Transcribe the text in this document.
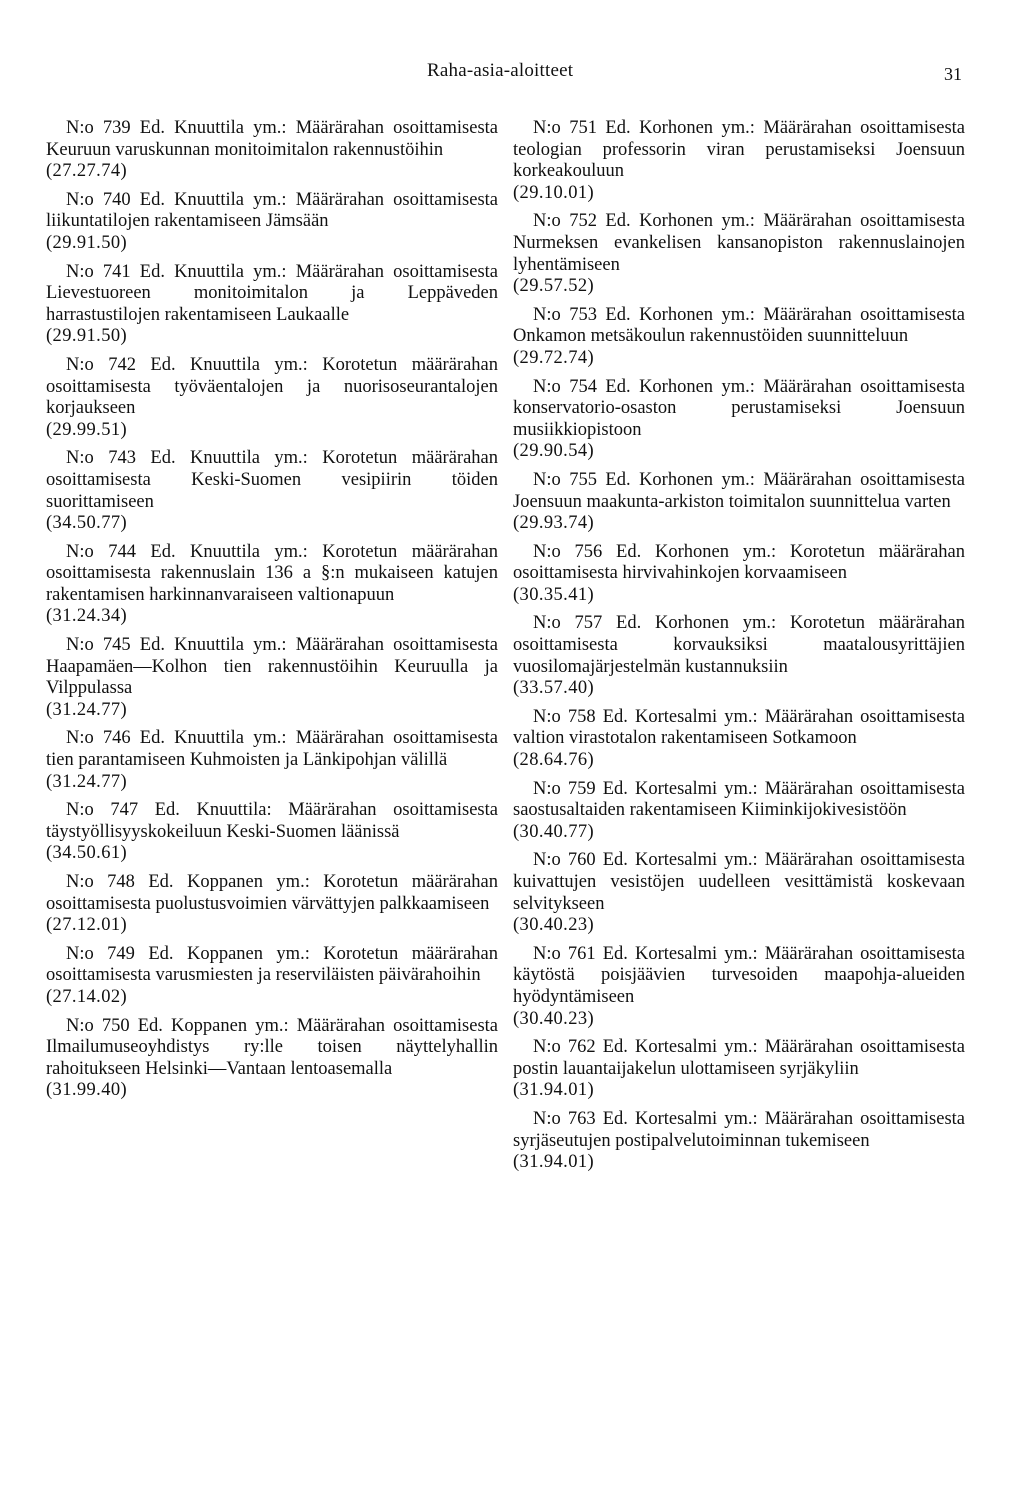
Raha-asia-aloitteet	31
N:o 739 Ed. Knuuttila ym.: Määrärahan osoittamisesta Keuruun varuskunnan monitoimitalon rakennustöihin
(27.27.74)
N:o 740 Ed. Knuuttila ym.: Määrärahan osoittamisesta liikuntatilojen rakentamiseen Jämsään
(29.91.50)
N:o 741 Ed. Knuuttila ym.: Määrärahan osoittamisesta Lievestuoreen monitoimitalon ja Leppäveden harrastustilojen rakentamiseen Laukaalle
(29.91.50)
N:o 742 Ed. Knuuttila ym.: Korotetun määrärahan osoittamisesta työväentalojen ja nuorisoseurantalojen korjaukseen
(29.99.51)
N:o 743 Ed. Knuuttila ym.: Korotetun määrärahan osoittamisesta Keski-Suomen vesipiirin töiden suorittamiseen
(34.50.77)
N:o 744 Ed. Knuuttila ym.: Korotetun määrärahan osoittamisesta rakennuslain 136 a §:n mukaiseen katujen rakentamisen harkinnanvaraiseen valtionapuun
(31.24.34)
N:o 745 Ed. Knuuttila ym.: Määrärahan osoittamisesta Haapamäen—Kolhon tien rakennustöihin Keuruulla ja Vilppulassa
(31.24.77)
N:o 746 Ed. Knuuttila ym.: Määrärahan osoittamisesta tien parantamiseen Kuhmoisten ja Länkipohjan välillä
(31.24.77)
N:o 747 Ed. Knuuttila: Määrärahan osoittamisesta täystyöllisyyskokeiluun Keski-Suomen läänissä
(34.50.61)
N:o 748 Ed. Koppanen ym.: Korotetun määrärahan osoittamisesta puolustusvoimien värvättyjen palkkaamiseen
(27.12.01)
N:o 749 Ed. Koppanen ym.: Korotetun määrärahan osoittamisesta varusmiesten ja reserviläisten päivärahoihin
(27.14.02)
N:o 750 Ed. Koppanen ym.: Määrärahan osoittamisesta Ilmailumuseoyhdistys ry:lle toisen näyttelyhallin rahoitukseen Helsinki—Vantaan lentoasemalla
(31.99.40)
N:o 751 Ed. Korhonen ym.: Määrärahan osoittamisesta teologian professorin viran perustamiseksi Joensuun korkeakouluun
(29.10.01)
N:o 752 Ed. Korhonen ym.: Määrärahan osoittamisesta Nurmeksen evankelisen kansanopiston rakennuslainojen lyhentämiseen
(29.57.52)
N:o 753 Ed. Korhonen ym.: Määrärahan osoittamisesta Onkamon metsäkoulun rakennustöiden suunnitteluun
(29.72.74)
N:o 754 Ed. Korhonen ym.: Määrärahan osoittamisesta konservatorio-osaston perustamiseksi Joensuun musiikkiopistoon
(29.90.54)
N:o 755 Ed. Korhonen ym.: Määrärahan osoittamisesta Joensuun maakunta-arkiston toimitalon suunnittelua varten
(29.93.74)
N:o 756 Ed. Korhonen ym.: Korotetun määrärahan osoittamisesta hirvivahinkojen korvaamiseen
(30.35.41)
N:o 757 Ed. Korhonen ym.: Korotetun määrärahan osoittamisesta korvauksiksi maatalousyrittäjien vuosilomajärjestelmän kustannuksiin
(33.57.40)
N:o 758 Ed. Kortesalmi ym.: Määrärahan osoittamisesta valtion virastotalon rakentamiseen Sotkamoon
(28.64.76)
N:o 759 Ed. Kortesalmi ym.: Määrärahan osoittamisesta saostusaltaiden rakentamiseen Kiiminkijokivesistöön
(30.40.77)
N:o 760 Ed. Kortesalmi ym.: Määrärahan osoittamisesta kuivattujen vesistöjen uudelleen vesittämistä koskevaan selvitykseen
(30.40.23)
N:o 761 Ed. Kortesalmi ym.: Määrärahan osoittamisesta käytöstä poisjäävien turvesoiden maapohja-alueiden hyödyntämiseen
(30.40.23)
N:o 762 Ed. Kortesalmi ym.: Määrärahan osoittamisesta postin lauantaijakelun ulottamiseen syrjäkyliin
(31.94.01)
N:o 763 Ed. Kortesalmi ym.: Määrärahan osoittamisesta syrjäseutujen postipalvelutoiminnan tukemiseen
(31.94.01)
